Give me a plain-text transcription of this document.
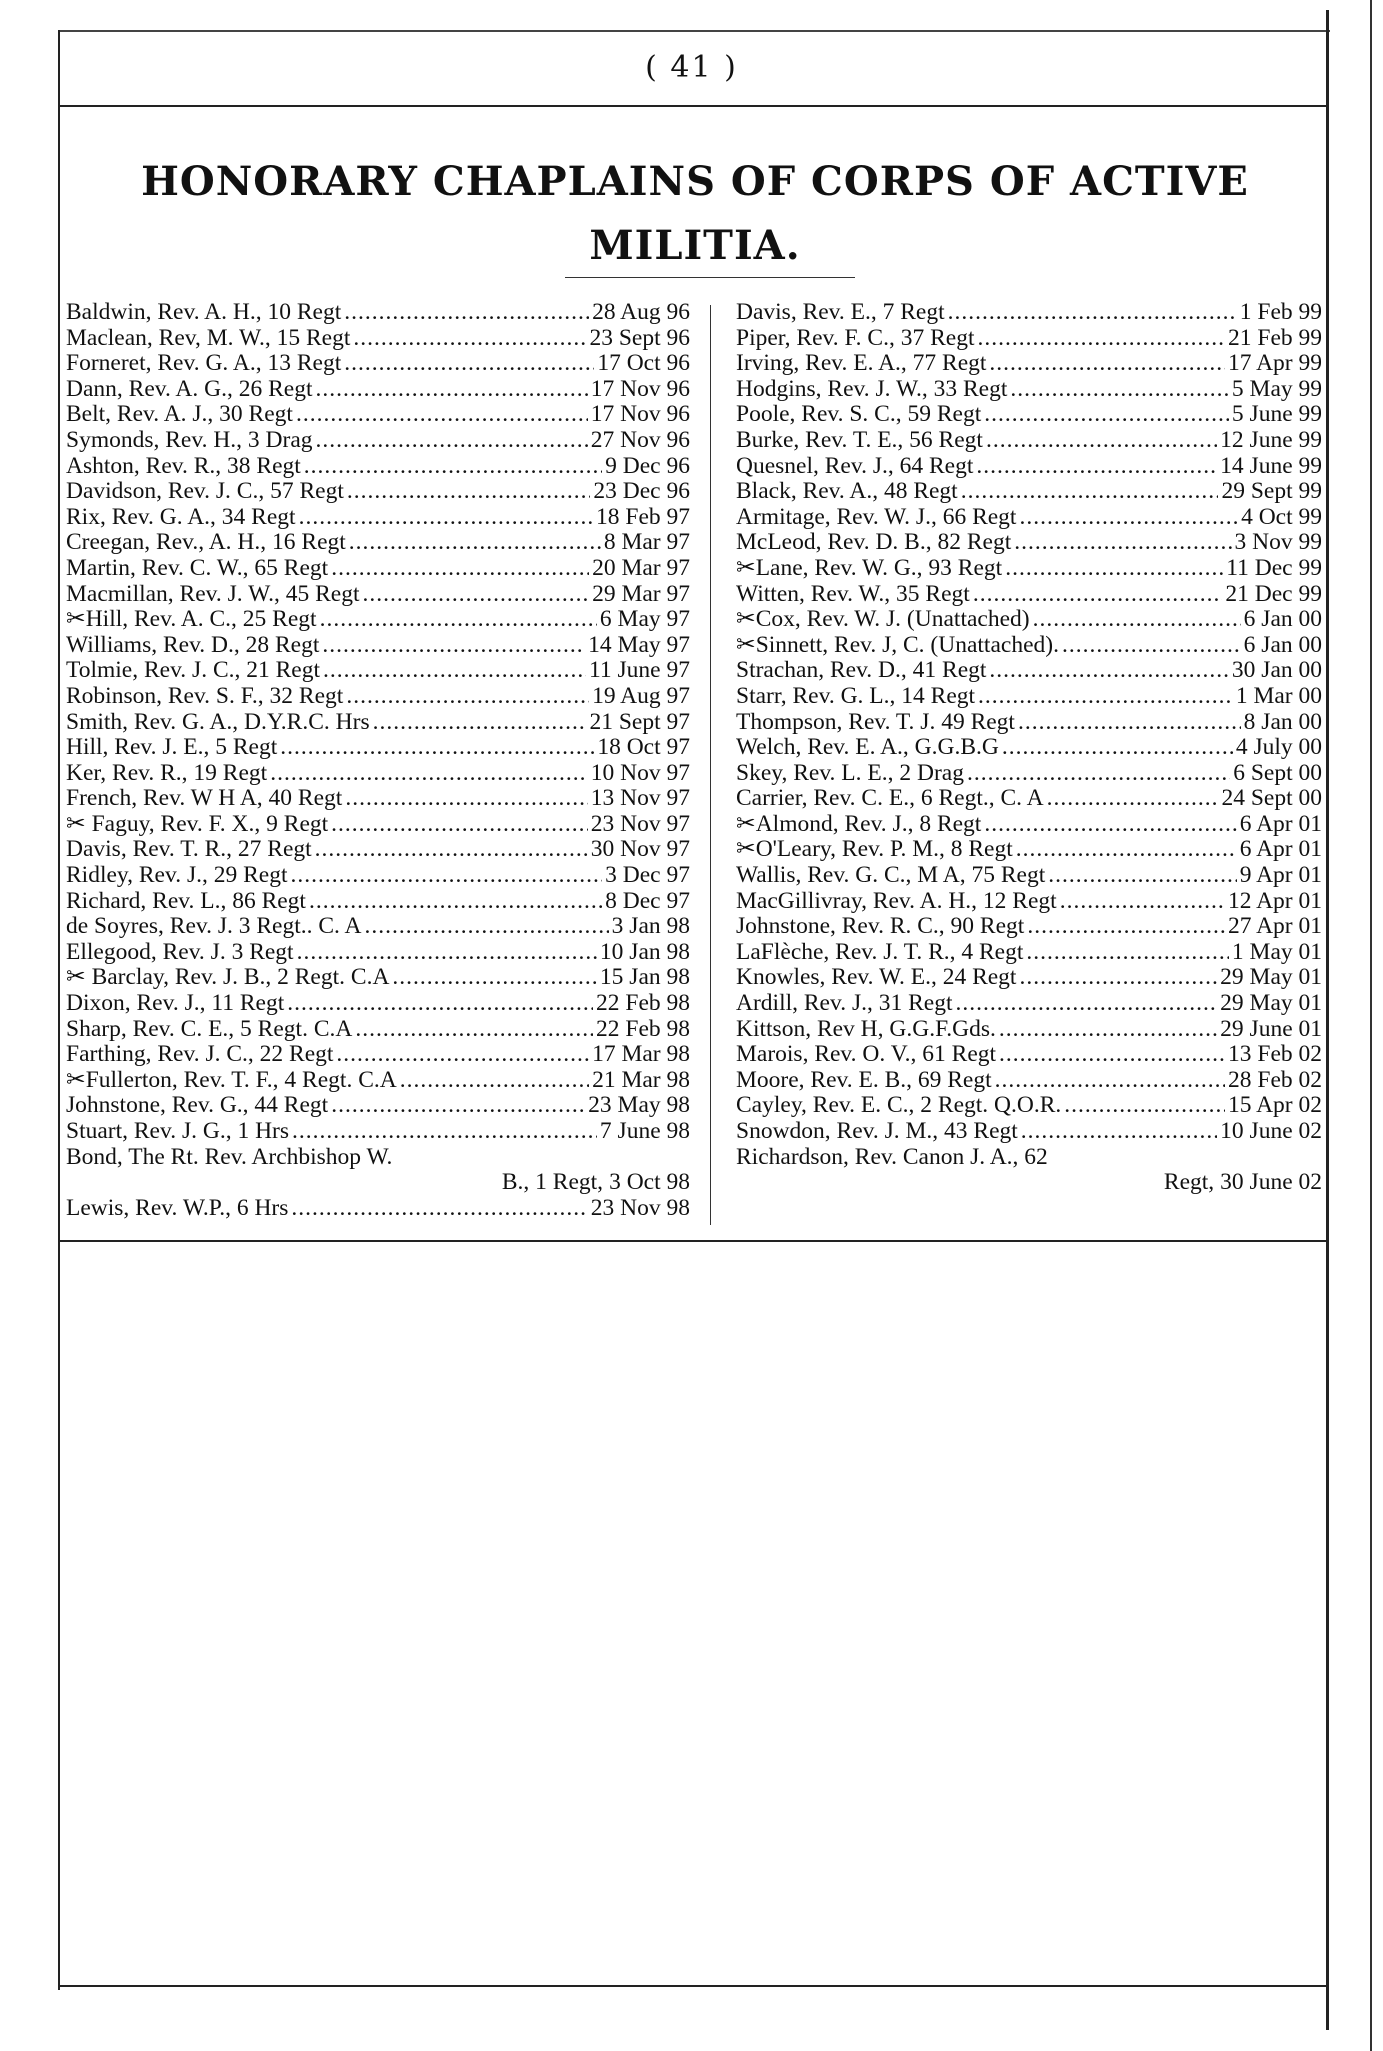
( 41 )
HONORARY CHAPLAINS OF CORPS OF ACTIVE
MILITIA.
Baldwin, Rev. A. H., 10 Regt .....	28 Aug 96
Maclean, Rev, M. W., 15 Regt .....	23 Sept 96
Forneret, Rev. G. A., 13 Regt .....	17 Oct 96
Dann, Rev. A. G., 26 Regt .....	17 Nov 96
Belt, Rev. A. J., 30 Regt .....	17 Nov 96
Symonds, Rev. H., 3 Drag .....	27 Nov 96
Ashton, Rev. R., 38 Regt .....	9 Dec 96
Davidson, Rev. J. C., 57 Regt .....	23 Dec 96
Rix, Rev. G. A., 34 Regt .....	18 Feb 97
Creegan, Rev., A. H., 16 Regt .....	8 Mar 97
Martin, Rev. C. W., 65 Regt .....	20 Mar 97
Macmillan, Rev. J. W., 45 Regt .....	29 Mar 97
✂Hill, Rev. A. C., 25 Regt .....	6 May 97
Williams, Rev. D., 28 Regt .....	14 May 97
Tolmie, Rev. J. C., 21 Regt .....	11 June 97
Robinson, Rev. S. F., 32 Regt .....	19 Aug 97
Smith, Rev. G. A., D.Y.R.C. Hrs .....	21 Sept 97
Hill, Rev. J. E., 5 Regt .....	18 Oct 97
Ker, Rev. R., 19 Regt .....	10 Nov 97
French, Rev. W H A, 40 Regt .....	13 Nov 97
✂ Faguy, Rev. F. X., 9 Regt .....	23 Nov 97
Davis, Rev. T. R., 27 Regt .....	30 Nov 97
Ridley, Rev. J., 29 Regt .....	3 Dec 97
Richard, Rev. L., 86 Regt .....	8 Dec 97
de Soyres, Rev. J. 3 Regt.. C. A .....	3 Jan 98
Ellegood, Rev. J. 3 Regt .....	10 Jan 98
✂ Barclay, Rev. J. B., 2 Regt. C.A .....	15 Jan 98
Dixon, Rev. J., 11 Regt .....	22 Feb 98
Sharp, Rev. C. E., 5 Regt. C.A .....	22 Feb 98
Farthing, Rev. J. C., 22 Regt .....	17 Mar 98
✂Fullerton, Rev. T. F., 4 Regt. C.A .....	21 Mar 98
Johnstone, Rev. G., 44 Regt .....	23 May 98
Stuart, Rev. J. G., 1 Hrs .....	7 June 98
Bond, The Rt. Rev. Archbishop W.
B., 1 Regt, 3 Oct 98
Lewis, Rev. W.P., 6 Hrs .....	23 Nov 98
Davis, Rev. E., 7 Regt .....	1 Feb 99
Piper, Rev. F. C., 37 Regt .....	21 Feb 99
Irving, Rev. E. A., 77 Regt .....	17 Apr 99
Hodgins, Rev. J. W., 33 Regt .....	5 May 99
Poole, Rev. S. C., 59 Regt .....	5 June 99
Burke, Rev. T. E., 56 Regt .....	12 June 99
Quesnel, Rev. J., 64 Regt .....	14 June 99
Black, Rev. A., 48 Regt .....	29 Sept 99
Armitage, Rev. W. J., 66 Regt .....	4 Oct 99
McLeod, Rev. D. B., 82 Regt .....	3 Nov 99
✂Lane, Rev. W. G., 93 Regt .....	11 Dec 99
Witten, Rev. W., 35 Regt .....	21 Dec 99
✂Cox, Rev. W. J. (Unattached) .....	6 Jan 00
✂Sinnett, Rev. J, C. (Unattached). .....	6 Jan 00
Strachan, Rev. D., 41 Regt .....	30 Jan 00
Starr, Rev. G. L., 14 Regt .....	1 Mar 00
Thompson, Rev. T. J. 49 Regt .....	8 Jan 00
Welch, Rev. E. A., G.G.B.G .....	4 July 00
Skey, Rev. L. E., 2 Drag .....	6 Sept 00
Carrier, Rev. C. E., 6 Regt., C. A .....	24 Sept 00
✂Almond, Rev. J., 8 Regt .....	6 Apr 01
✂O'Leary, Rev. P. M., 8 Regt .....	6 Apr 01
Wallis, Rev. G. C., M A, 75 Regt .....	9 Apr 01
MacGillivray, Rev. A. H., 12 Regt .....	12 Apr 01
Johnstone, Rev. R. C., 90 Regt .....	27 Apr 01
LaFlèche, Rev. J. T. R., 4 Regt .....	1 May 01
Knowles, Rev. W. E., 24 Regt .....	29 May 01
Ardill, Rev. J., 31 Regt .....	29 May 01
Kittson, Rev H, G.G.F.Gds. .....	29 June 01
Marois, Rev. O. V., 61 Regt .....	13 Feb 02
Moore, Rev. E. B., 69 Regt .....	28 Feb 02
Cayley, Rev. E. C., 2 Regt. Q.O.R. .....	15 Apr 02
Snowdon, Rev. J. M., 43 Regt .....	10 June 02
Richardson, Rev. Canon J. A., 62
Regt, 30 June 02
